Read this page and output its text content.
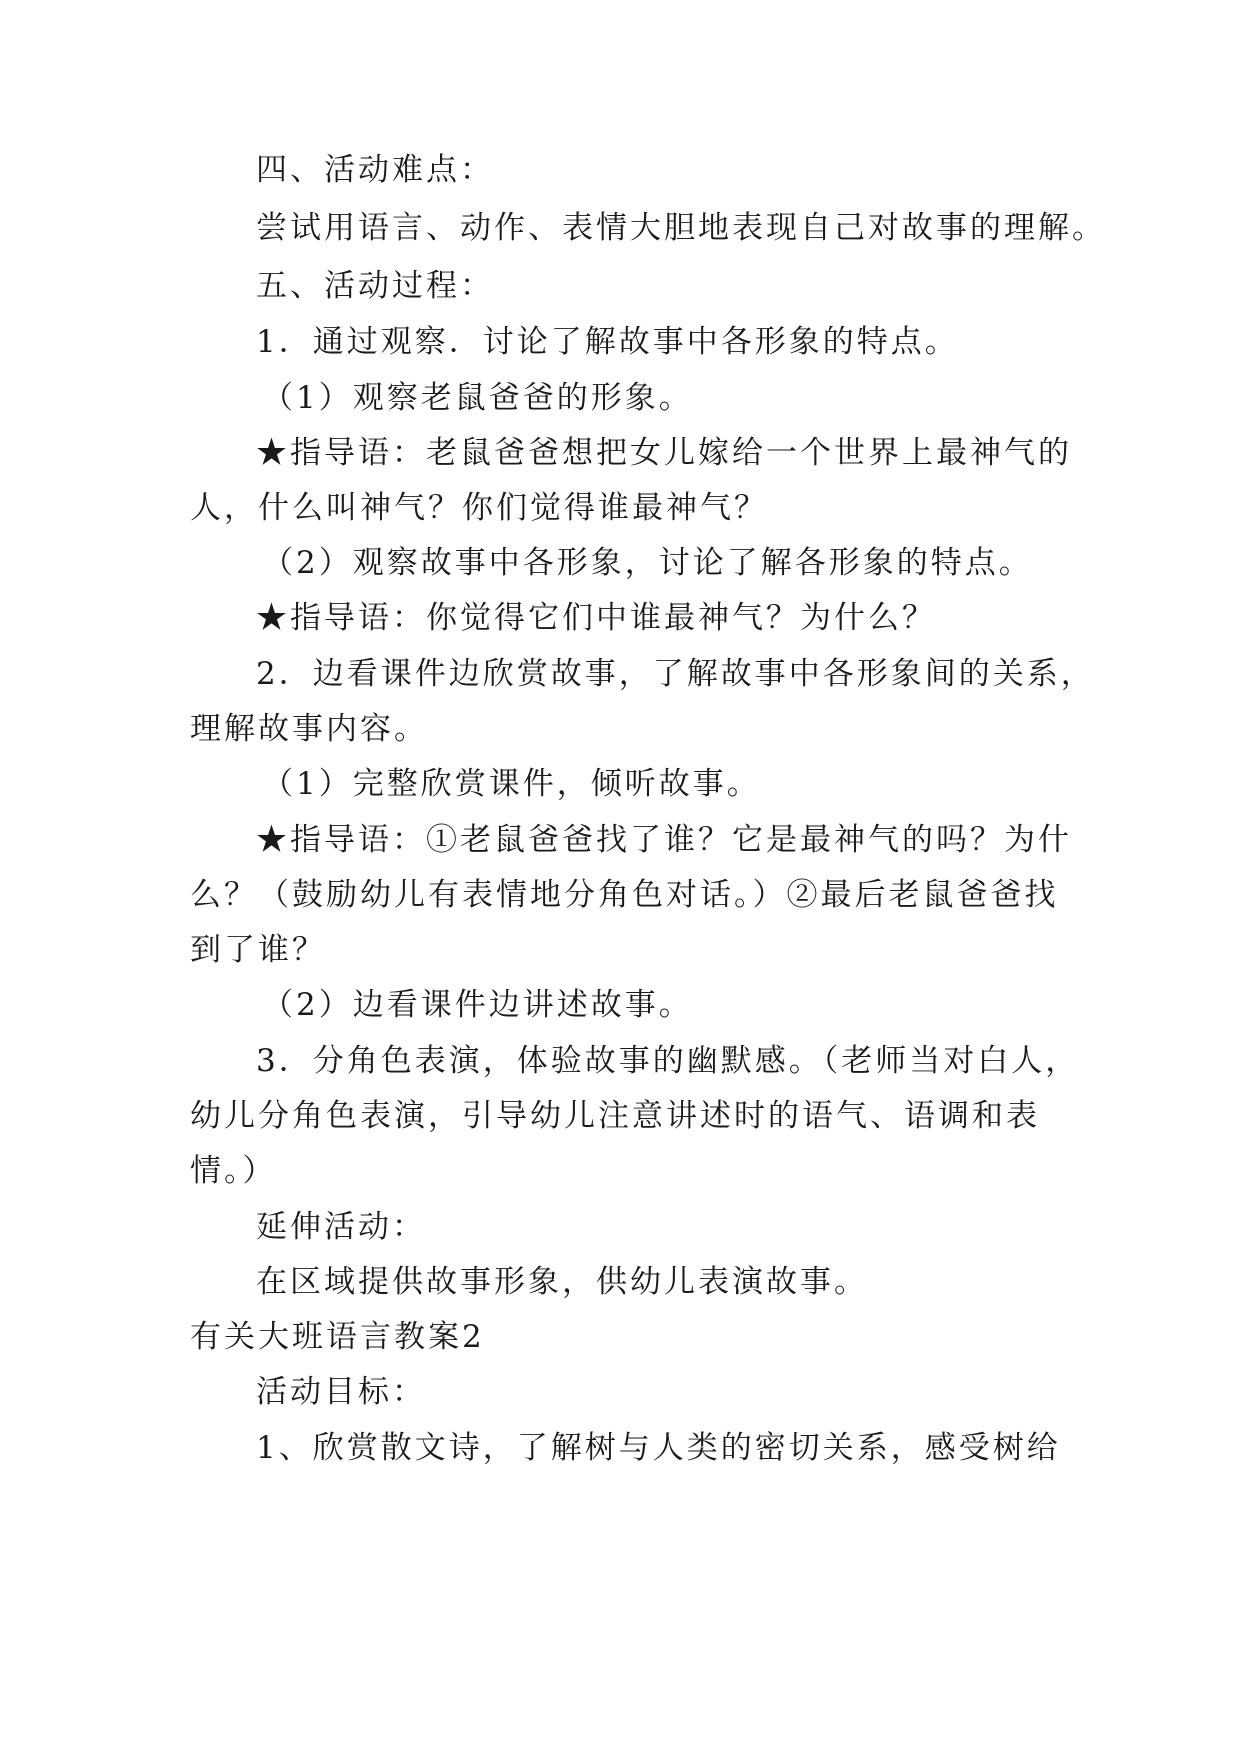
四、活动难点：
尝试用语言、动作、表情大胆地表现自己对故事的理解。
五、活动过程：
1．通过观察．讨论了解故事中各形象的特点。
（1）观察老鼠爸爸的形象。
★指导语：老鼠爸爸想把女儿嫁给一个世界上最神气的
人，什么叫神气？你们觉得谁最神气？
（2）观察故事中各形象，讨论了解各形象的特点。
★指导语：你觉得它们中谁最神气？为什么？
2．边看课件边欣赏故事，了解故事中各形象间的关系，
理解故事内容。
（1）完整欣赏课件，倾听故事。
★指导语：①老鼠爸爸找了谁？它是最神气的吗？为什
么？（鼓励幼儿有表情地分角色对话。）②最后老鼠爸爸找
到了谁？
（2）边看课件边讲述故事。
3．分角色表演，体验故事的幽默感。（老师当对白人，
幼儿分角色表演，引导幼儿注意讲述时的语气、语调和表
情。）
延伸活动：
在区域提供故事形象，供幼儿表演故事。
有关大班语言教案2
活动目标：
1、欣赏散文诗，了解树与人类的密切关系，感受树给
